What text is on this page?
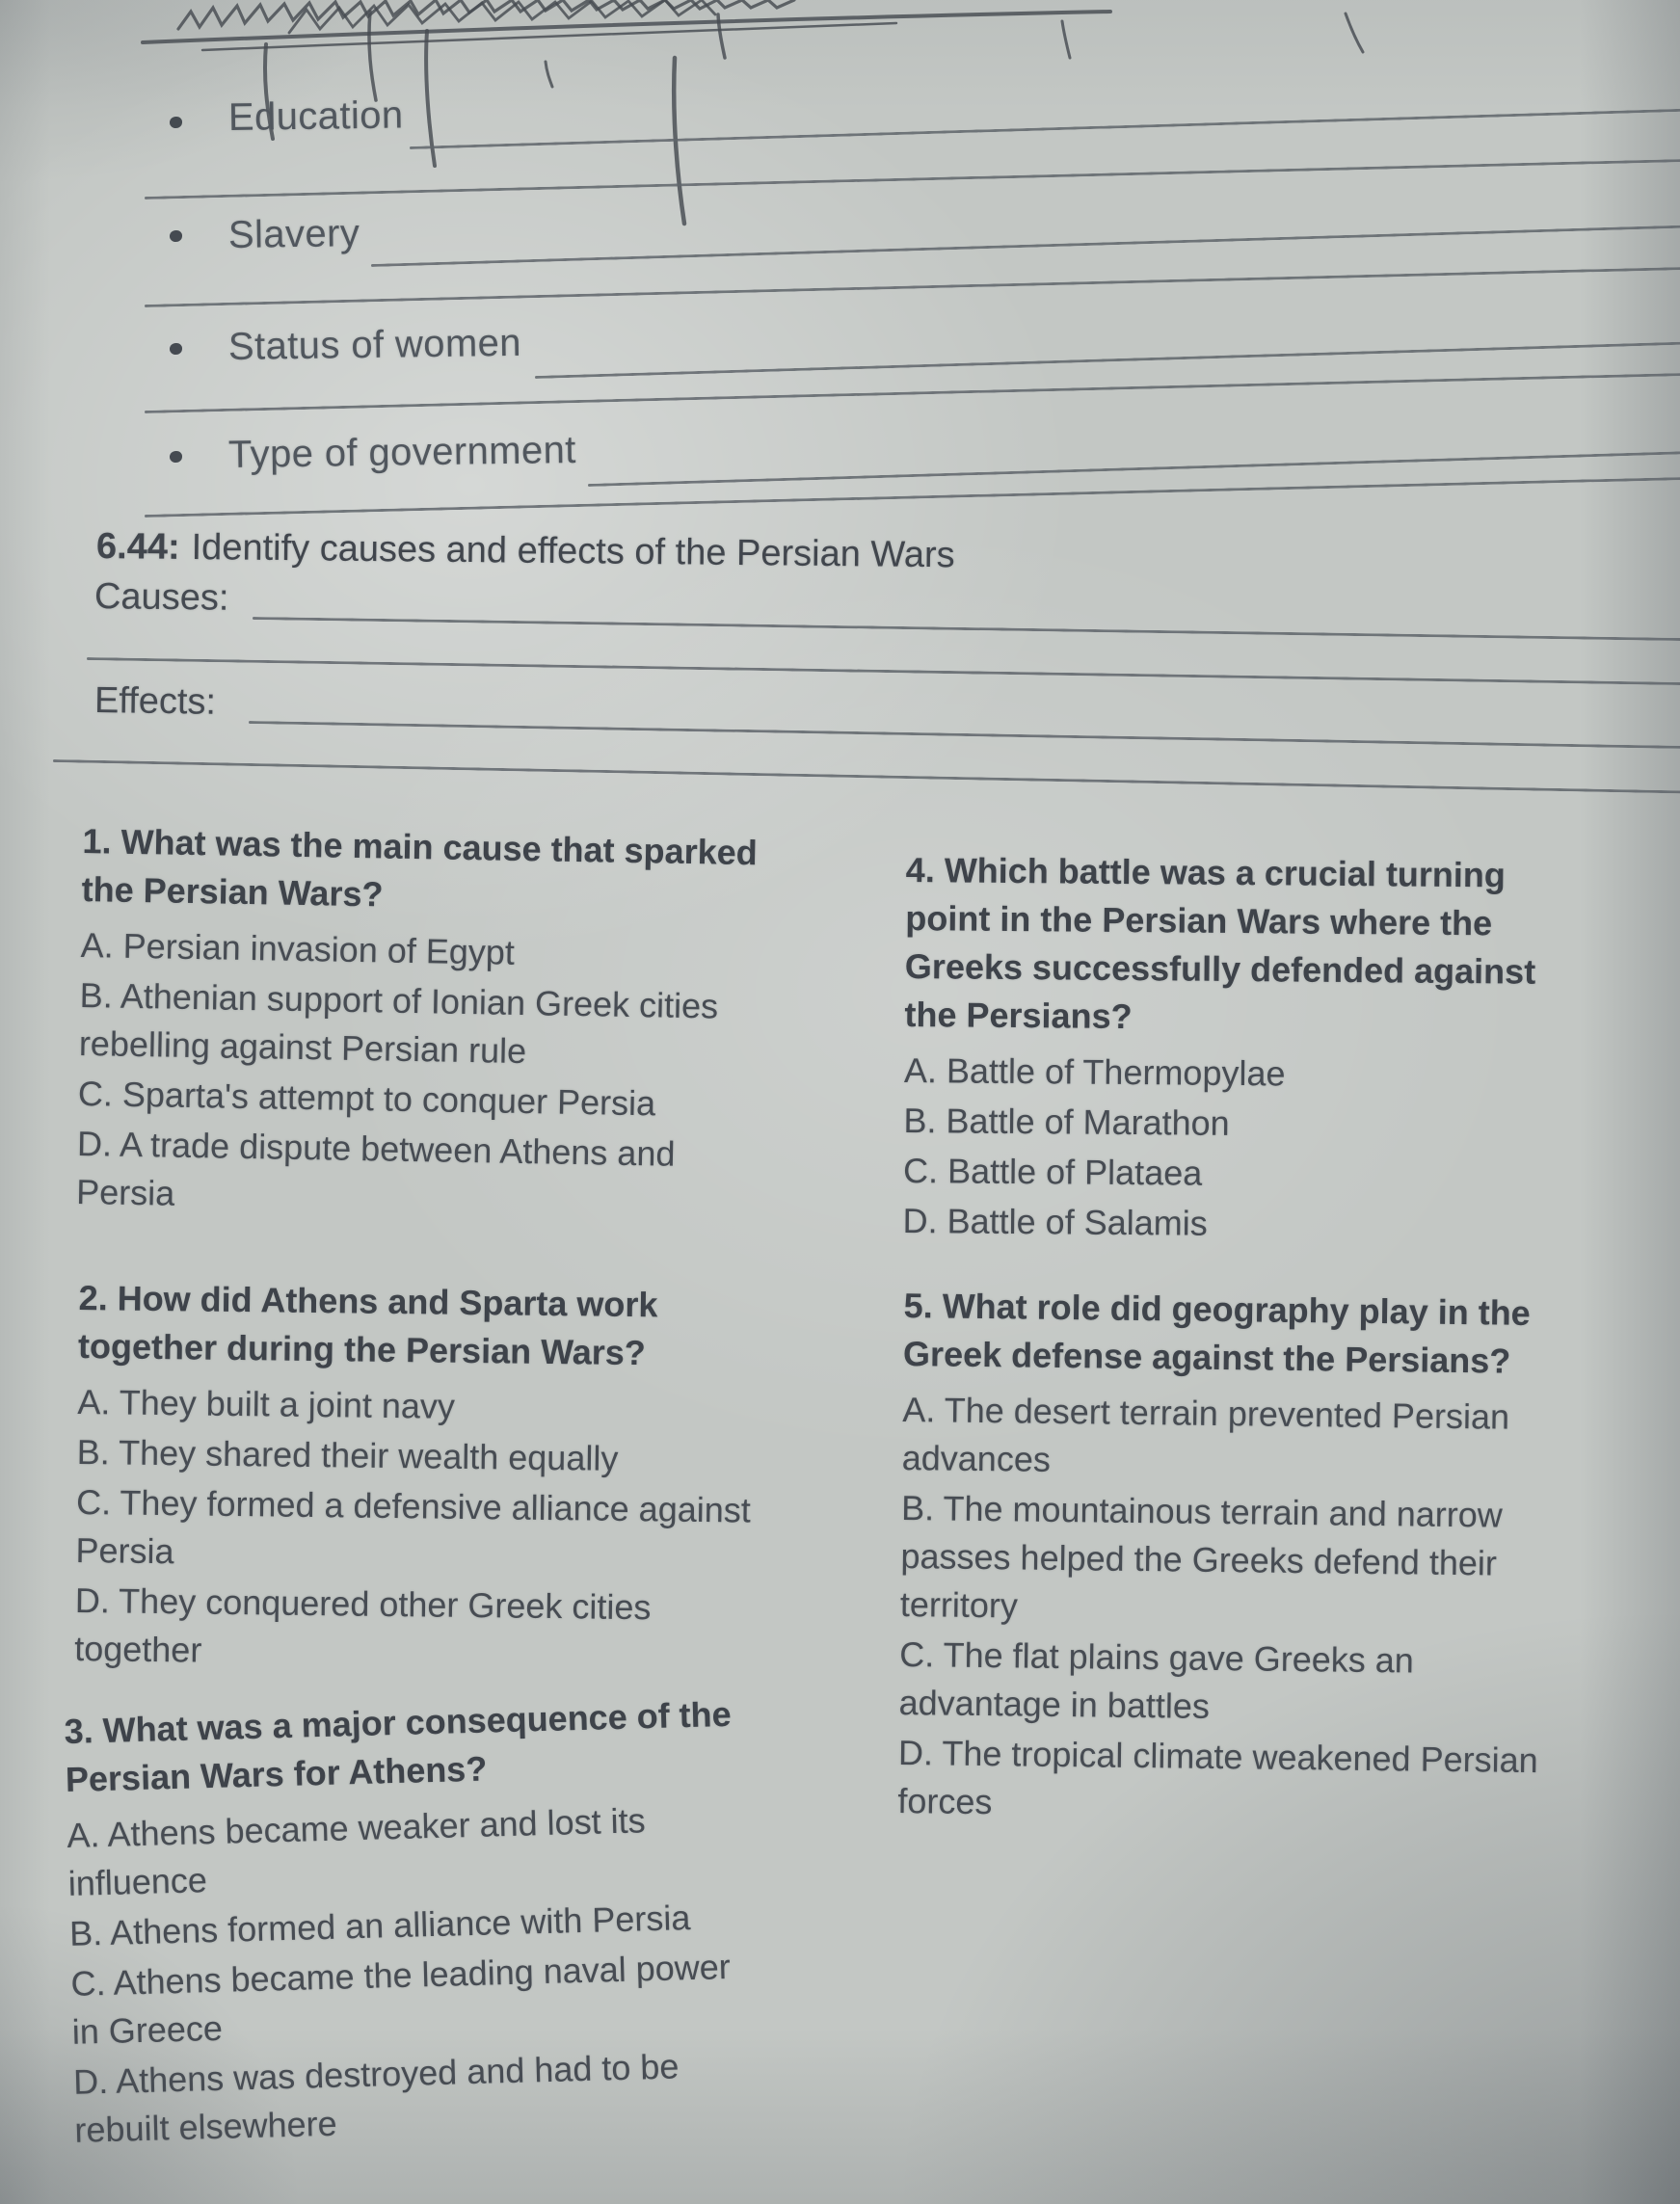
Education
Slavery
Status of women
Type of government
6.44: Identify causes and effects of the Persian Wars
Causes:
Effects:
1. What was the main cause that sparked
the Persian Wars?
A. Persian invasion of Egypt
B. Athenian support of Ionian Greek cities
rebelling against Persian rule
C. Sparta's attempt to conquer Persia
D. A trade dispute between Athens and
Persia
2. How did Athens and Sparta work
together during the Persian Wars?
A. They built a joint navy
B. They shared their wealth equally
C. They formed a defensive alliance against
Persia
D. They conquered other Greek cities
together
3. What was a major consequence of the
Persian Wars for Athens?
A. Athens became weaker and lost its
influence
B. Athens formed an alliance with Persia
C. Athens became the leading naval power
in Greece
D. Athens was destroyed and had to be
rebuilt elsewhere
4. Which battle was a crucial turning
point in the Persian Wars where the
Greeks successfully defended against
the Persians?
A. Battle of Thermopylae
B. Battle of Marathon
C. Battle of Plataea
D. Battle of Salamis
5. What role did geography play in the
Greek defense against the Persians?
A. The desert terrain prevented Persian
advances
B. The mountainous terrain and narrow
passes helped the Greeks defend their
territory
C. The flat plains gave Greeks an
advantage in battles
D. The tropical climate weakened Persian
forces
